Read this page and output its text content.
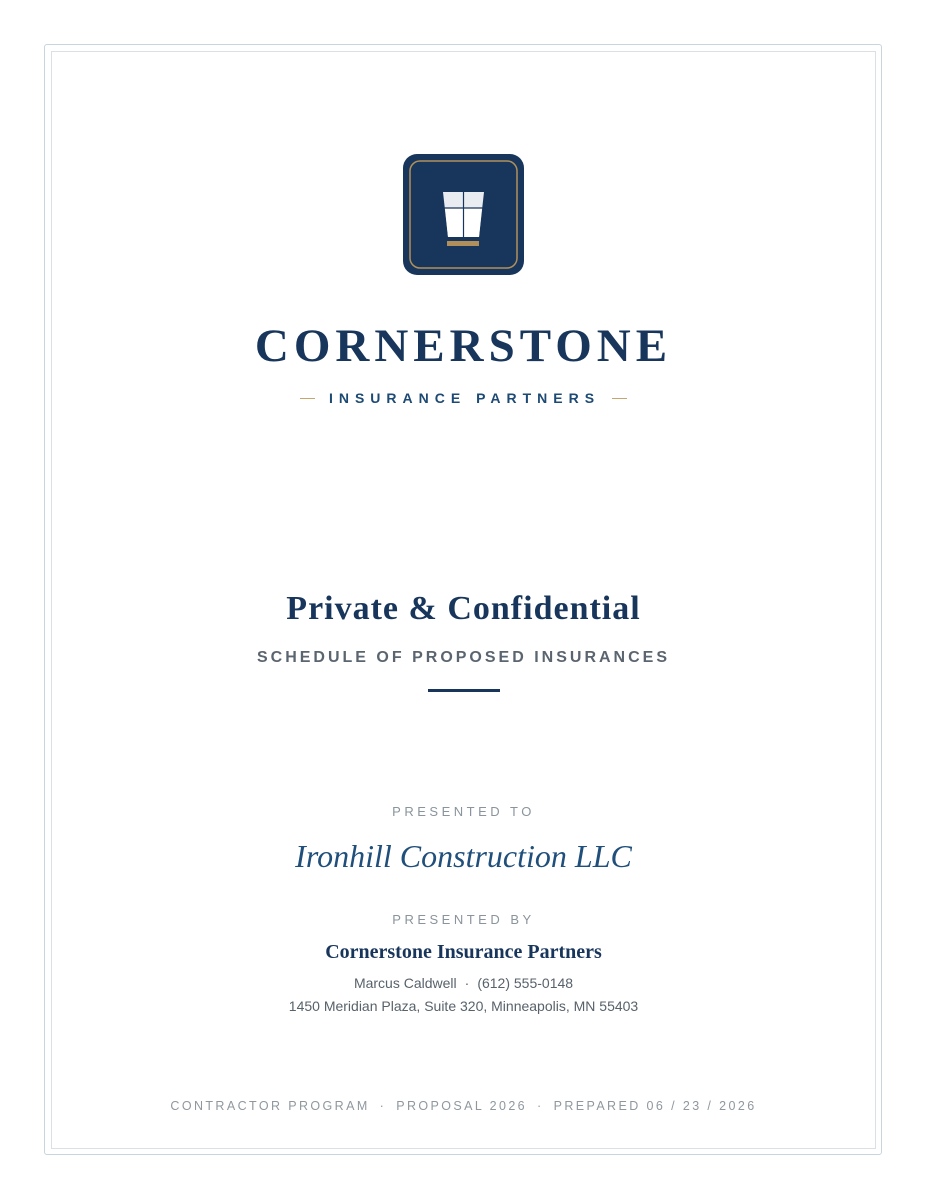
CORNERSTONE
INSURANCE PARTNERS
Private & Confidential
SCHEDULE OF PROPOSED INSURANCES
PRESENTED TO
Ironhill Construction LLC
PRESENTED BY
Cornerstone Insurance Partners
Marcus Caldwell · (612) 555-0148
1450 Meridian Plaza, Suite 320, Minneapolis, MN 55403
CONTRACTOR PROGRAM · PROPOSAL 2026 · PREPARED 06 / 23 / 2026
